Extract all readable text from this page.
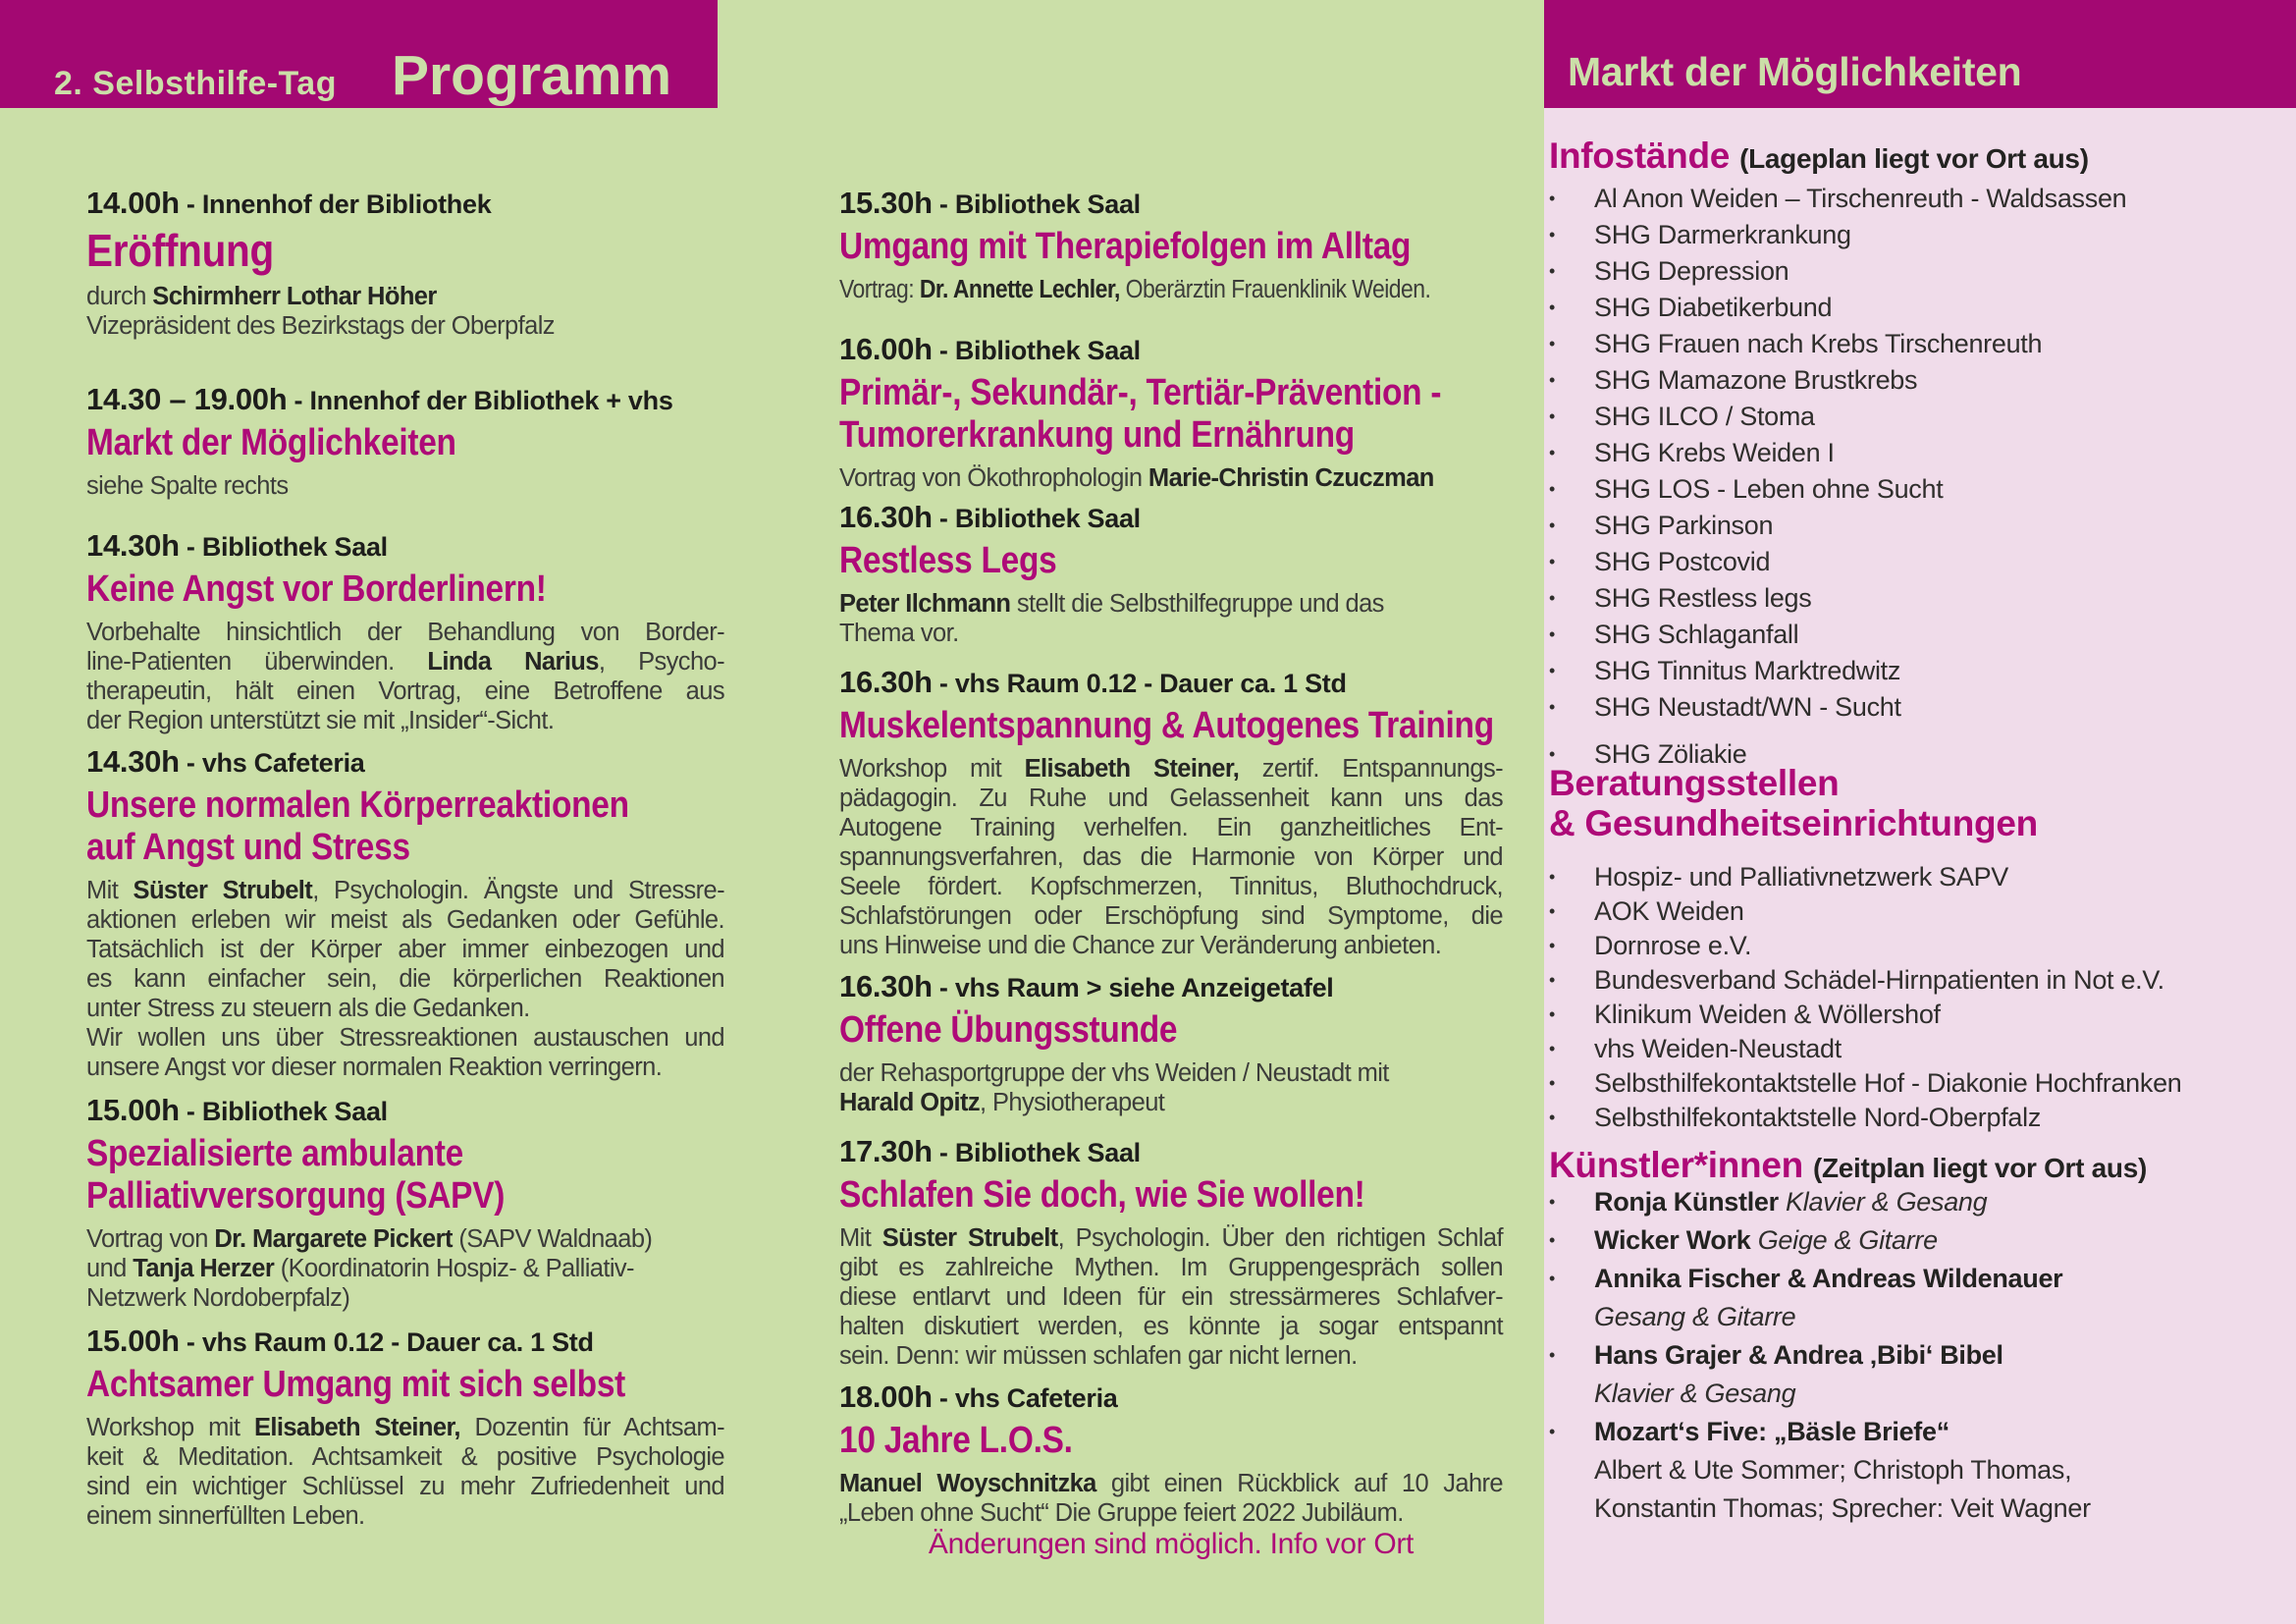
2. Selbsthilfe-Tag Programm	Markt der Möglichkeiten
14.00h - Innenhof der Bibliothek
Eröffnung
durch Schirmherr Lothar Höher
Vizepräsident des Bezirkstags der Oberpfalz
14.30 – 19.00h - Innenhof der Bibliothek + vhs
Markt der Möglichkeiten
siehe Spalte rechts
14.30h - Bibliothek Saal
Keine Angst vor Borderlinern!
Vorbehalte hinsichtlich der Behandlung von Border-
line-Patienten überwinden. Linda Narius, Psycho-
therapeutin, hält einen Vortrag, eine Betroffene aus
der Region unterstützt sie mit „Insider“-Sicht.
14.30h - vhs Cafeteria
Unsere normalen Körperreaktionen
auf Angst und Stress
Mit Süster Strubelt, Psychologin. Ängste und Stressre-
aktionen erleben wir meist als Gedanken oder Gefühle.
Tatsächlich ist der Körper aber immer einbezogen und
es kann einfacher sein, die körperlichen Reaktionen
unter Stress zu steuern als die Gedanken.
Wir wollen uns über Stressreaktionen austauschen und
unsere Angst vor dieser normalen Reaktion verringern.
15.00h - Bibliothek Saal
Spezialisierte ambulante
Palliativversorgung (SAPV)
Vortrag von Dr. Margarete Pickert (SAPV Waldnaab)
und Tanja Herzer (Koordinatorin Hospiz- & Palliativ-
Netzwerk Nordoberpfalz)
15.00h - vhs Raum 0.12 - Dauer ca. 1 Std
Achtsamer Umgang mit sich selbst
Workshop mit Elisabeth Steiner, Dozentin für Achtsam-
keit & Meditation. Achtsamkeit & positive Psychologie
sind ein wichtiger Schlüssel zu mehr Zufriedenheit und
einem sinnerfüllten Leben.
15.30h - Bibliothek Saal
Umgang mit Therapiefolgen im Alltag
Vortrag: Dr. Annette Lechler, Oberärztin Frauenklinik Weiden.
16.00h - Bibliothek Saal
Primär-, Sekundär-, Tertiär-Prävention -
Tumorerkrankung und Ernährung
Vortrag von Ökothrophologin Marie-Christin Czuczman
16.30h - Bibliothek Saal
Restless Legs
Peter Ilchmann stellt die Selbsthilfegruppe und das
Thema vor.
16.30h - vhs Raum 0.12 - Dauer ca. 1 Std
Muskelentspannung & Autogenes Training
Workshop mit Elisabeth Steiner, zertif. Entspannungs-
pädagogin. Zu Ruhe und Gelassenheit kann uns das
Autogene Training verhelfen. Ein ganzheitliches Ent-
spannungsverfahren, das die Harmonie von Körper und
Seele fördert. Kopfschmerzen, Tinnitus, Bluthochdruck,
Schlafstörungen oder Erschöpfung sind Symptome, die
uns Hinweise und die Chance zur Veränderung anbieten.
16.30h - vhs Raum > siehe Anzeigetafel
Offene Übungsstunde
der Rehasportgruppe der vhs Weiden / Neustadt mit
Harald Opitz, Physiotherapeut
17.30h - Bibliothek Saal
Schlafen Sie doch, wie Sie wollen!
Mit Süster Strubelt, Psychologin. Über den richtigen Schlaf
gibt es zahlreiche Mythen. Im Gruppengespräch sollen
diese entlarvt und Ideen für ein stressärmeres Schlafver-
halten diskutiert werden, es könnte ja sogar entspannt
sein. Denn: wir müssen schlafen gar nicht lernen.
18.00h - vhs Cafeteria
10 Jahre L.O.S.
Manuel Woyschnitzka gibt einen Rückblick auf 10 Jahre
„Leben ohne Sucht“ Die Gruppe feiert 2022 Jubiläum.
Änderungen sind möglich. Info vor Ort
Infostände (Lageplan liegt vor Ort aus)
•	Al Anon Weiden – Tirschenreuth - Waldsassen
•	SHG Darmerkrankung
•	SHG Depression
•	SHG Diabetikerbund
•	SHG Frauen nach Krebs Tirschenreuth
•	SHG Mamazone Brustkrebs
•	SHG ILCO / Stoma
•	SHG Krebs Weiden I
•	SHG LOS - Leben ohne Sucht
•	SHG Parkinson
•	SHG Postcovid
•	SHG Restless legs
•	SHG Schlaganfall
•	SHG Tinnitus Marktredwitz
•	SHG Neustadt/WN - Sucht
•	SHG Zöliakie
Beratungsstellen
& Gesundheitseinrichtungen
•	Hospiz- und Palliativnetzwerk SAPV
•	AOK Weiden
•	Dornrose e.V.
•	Bundesverband Schädel-Hirnpatienten in Not e.V.
•	Klinikum Weiden & Wöllershof
•	vhs Weiden-Neustadt
•	Selbsthilfekontaktstelle Hof - Diakonie Hochfranken
•	Selbsthilfekontaktstelle Nord-Oberpfalz
Künstler*innen (Zeitplan liegt vor Ort aus)
•	Ronja Künstler Klavier & Gesang
•	Wicker Work Geige & Gitarre
•	Annika Fischer & Andreas Wildenauer
Gesang & Gitarre
•	Hans Grajer & Andrea ‚Bibi‘ Bibel
Klavier & Gesang
•	Mozart‘s Five: „Bäsle Briefe“
Albert & Ute Sommer; Christoph Thomas,
Konstantin Thomas; Sprecher: Veit Wagner
